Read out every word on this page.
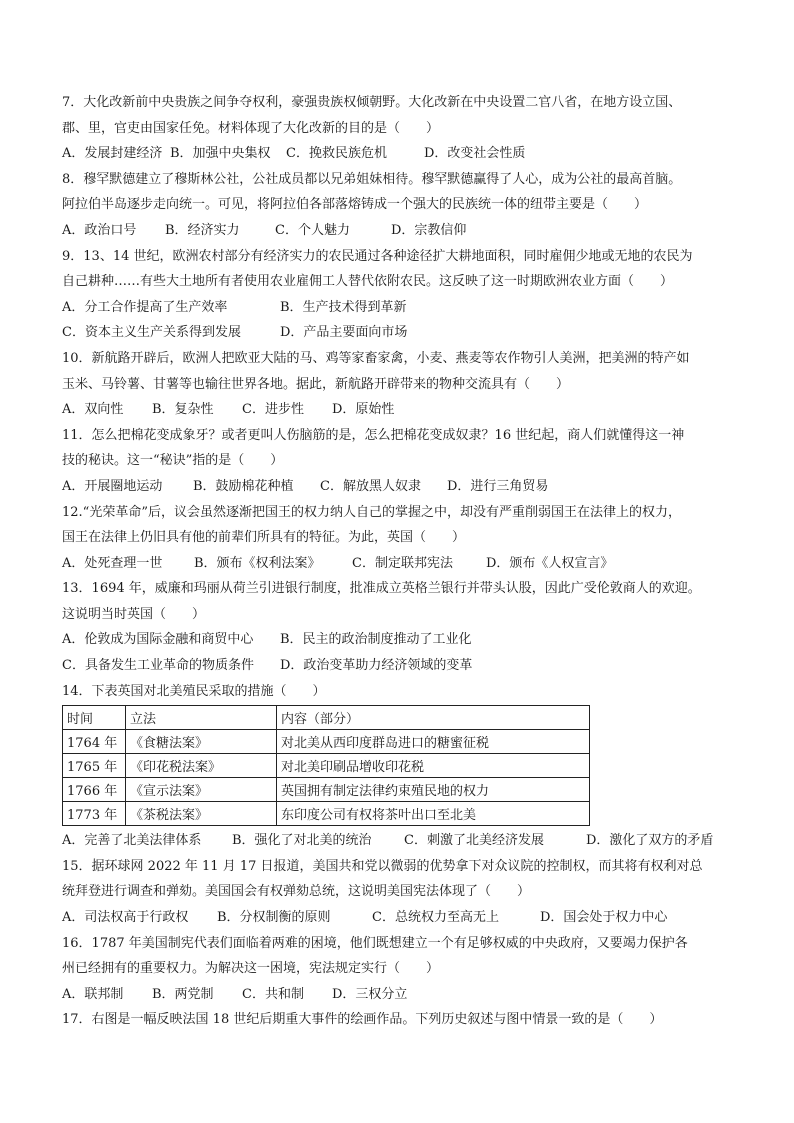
7．大化改新前中央贵族之间争夺权利，豪强贵族权倾朝野。大化改新在中央设置二官八省，在地方设立国、
郡、里，官吏由国家任免。材料体现了大化改新的目的是（　　）
A．发展封建经济 B．加强中央集权	C．挽救民族危机	D．改变社会性质
8．穆罕默德建立了穆斯林公社，公社成员都以兄弟姐妹相待。穆罕默德赢得了人心，成为公社的最高首脑。
阿拉伯半岛逐步走向统一。可见，将阿拉伯各部落熔铸成一个强大的民族统一体的纽带主要是（　　）
A．政治口号	B．经济实力	C．个人魅力	D．宗教信仰
9．13、14 世纪，欧洲农村部分有经济实力的农民通过各种途径扩大耕地面积，同时雇佣少地或无地的农民为
自己耕种……有些大土地所有者使用农业雇佣工人替代依附农民。这反映了这一时期欧洲农业方面（　　）
A．分工合作提高了生产效率	B．生产技术得到革新
C．资本主义生产关系得到发展	D．产品主要面向市场
10．新航路开辟后，欧洲人把欧亚大陆的马、鸡等家畜家禽，小麦、燕麦等农作物引人美洲，把美洲的特产如
玉米、马铃薯、甘薯等也输往世界各地。据此，新航路开辟带来的物种交流具有（　　）
A．双向性	B．复杂性	C．进步性	D．原始性
11．怎么把棉花变成象牙？或者更叫人伤脑筋的是，怎么把棉花变成奴隶？16 世纪起，商人们就懂得这一神
技的秘诀。这一“秘诀”指的是（　　）
A．开展圈地运动	B．鼓励棉花种植	C．解放黑人奴隶	D．进行三角贸易
12.“光荣革命”后，议会虽然逐渐把国王的权力纳人自己的掌握之中，却没有严重削弱国王在法律上的权力，
国王在法律上仍旧具有他的前辈们所具有的特征。为此，英国（　　）
A．处死查理一世	B．颁布《权利法案》	C．制定联邦宪法	D．颁布《人权宣言》
13．1694 年，威廉和玛丽从荷兰引进银行制度，批准成立英格兰银行并带头认股，因此广受伦敦商人的欢迎。
这说明当时英国（　　）
A．伦敦成为国际金融和商贸中心	B．民主的政治制度推动了工业化
C．具备发生工业革命的物质条件	D．政治变革助力经济领域的变革
14．下表英国对北美殖民采取的措施（　　）
时间	立法	内容（部分）
1764 年	《食糖法案》	对北美从西印度群岛进口的糖蜜征税
1765 年	《印花税法案》	对北美印刷品增收印花税
1766 年	《宣示法案》	英国拥有制定法律约束殖民地的权力
1773 年	《茶税法案》	东印度公司有权将茶叶出口至北美
A．完善了北美法律体系	B．强化了对北美的统治	C．刺激了北美经济发展	D．激化了双方的矛盾
15．据环球网 2022 年 11 月 17 日报道，美国共和党以微弱的优势拿下对众议院的控制权，而其将有权利对总
统拜登进行调查和弹劾。美国国会有权弹劾总统，这说明美国宪法体现了（　　）
A．司法权高于行政权	B．分权制衡的原则	C．总统权力至高无上	D．国会处于权力中心
16．1787 年美国制宪代表们面临着两难的困境，他们既想建立一个有足够权威的中央政府，又要竭力保护各
州已经拥有的重要权力。为解决这一困境，宪法规定实行（　　）
A．联邦制	B．两党制	C．共和制	D．三权分立
17．右图是一幅反映法国 18 世纪后期重大事件的绘画作品。下列历史叙述与图中情景一致的是（　　）
